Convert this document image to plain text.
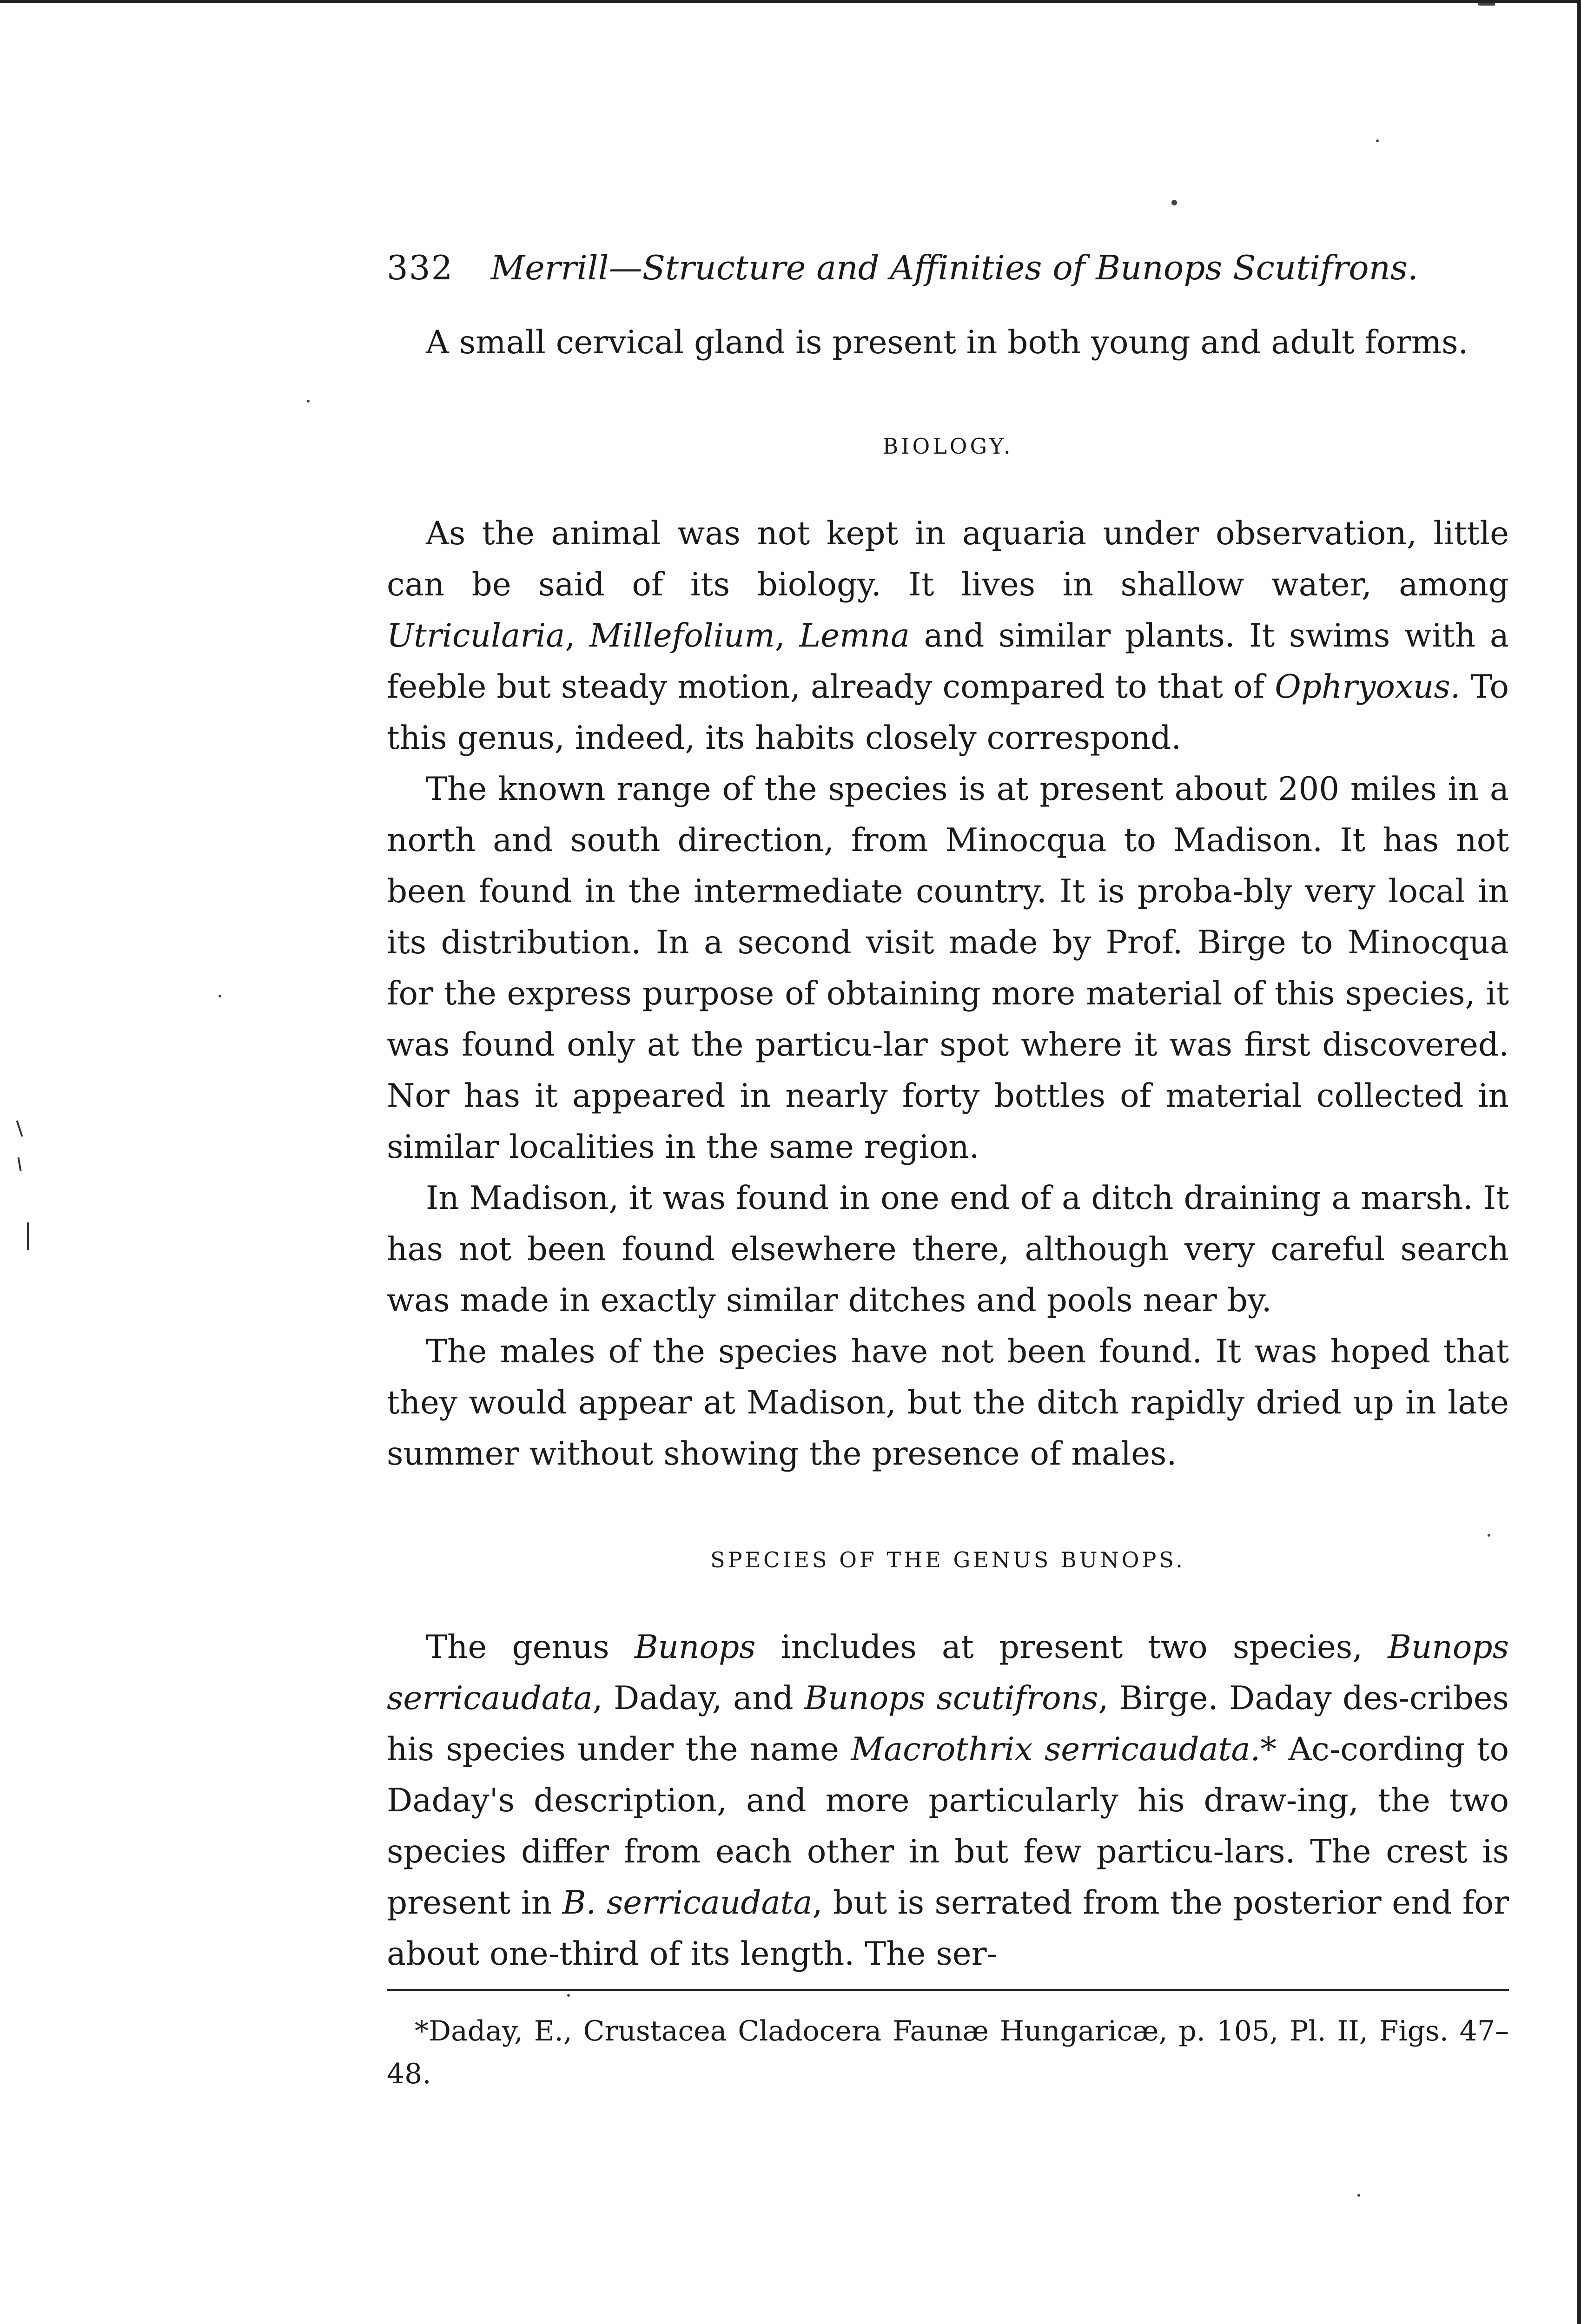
332 Merrill—Structure and Affinities of Bunops Scutifrons.

A small cervical gland is present in both young and adult forms.

BIOLOGY.

As the animal was not kept in aquaria under observation, little can be said of its biology. It lives in shallow water, among Utricularia, Millefolium, Lemna and similar plants. It swims with a feeble but steady motion, already compared to that of Ophryoxus. To this genus, indeed, its habits closely correspond.

The known range of the species is at present about 200 miles in a north and south direction, from Minocqua to Madison. It has not been found in the intermediate country. It is proba-bly very local in its distribution. In a second visit made by Prof. Birge to Minocqua for the express purpose of obtaining more material of this species, it was found only at the particu-lar spot where it was first discovered. Nor has it appeared in nearly forty bottles of material collected in similar localities in the same region.

In Madison, it was found in one end of a ditch draining a marsh. It has not been found elsewhere there, although very careful search was made in exactly similar ditches and pools near by.

The males of the species have not been found. It was hoped that they would appear at Madison, but the ditch rapidly dried up in late summer without showing the presence of males.

SPECIES OF THE GENUS BUNOPS.

The genus Bunops includes at present two species, Bunops serricaudata, Daday, and Bunops scutifrons, Birge. Daday des-cribes his species under the name Macrothrix serricaudata.* Ac-cording to Daday's description, and more particularly his draw-ing, the two species differ from each other in but few particu-lars. The crest is present in B. serricaudata, but is serrated from the posterior end for about one-third of its length. The ser-

*Daday, E., Crustacea Cladocera Faunæ Hungaricæ, p. 105, Pl. II, Figs. 47–48.
